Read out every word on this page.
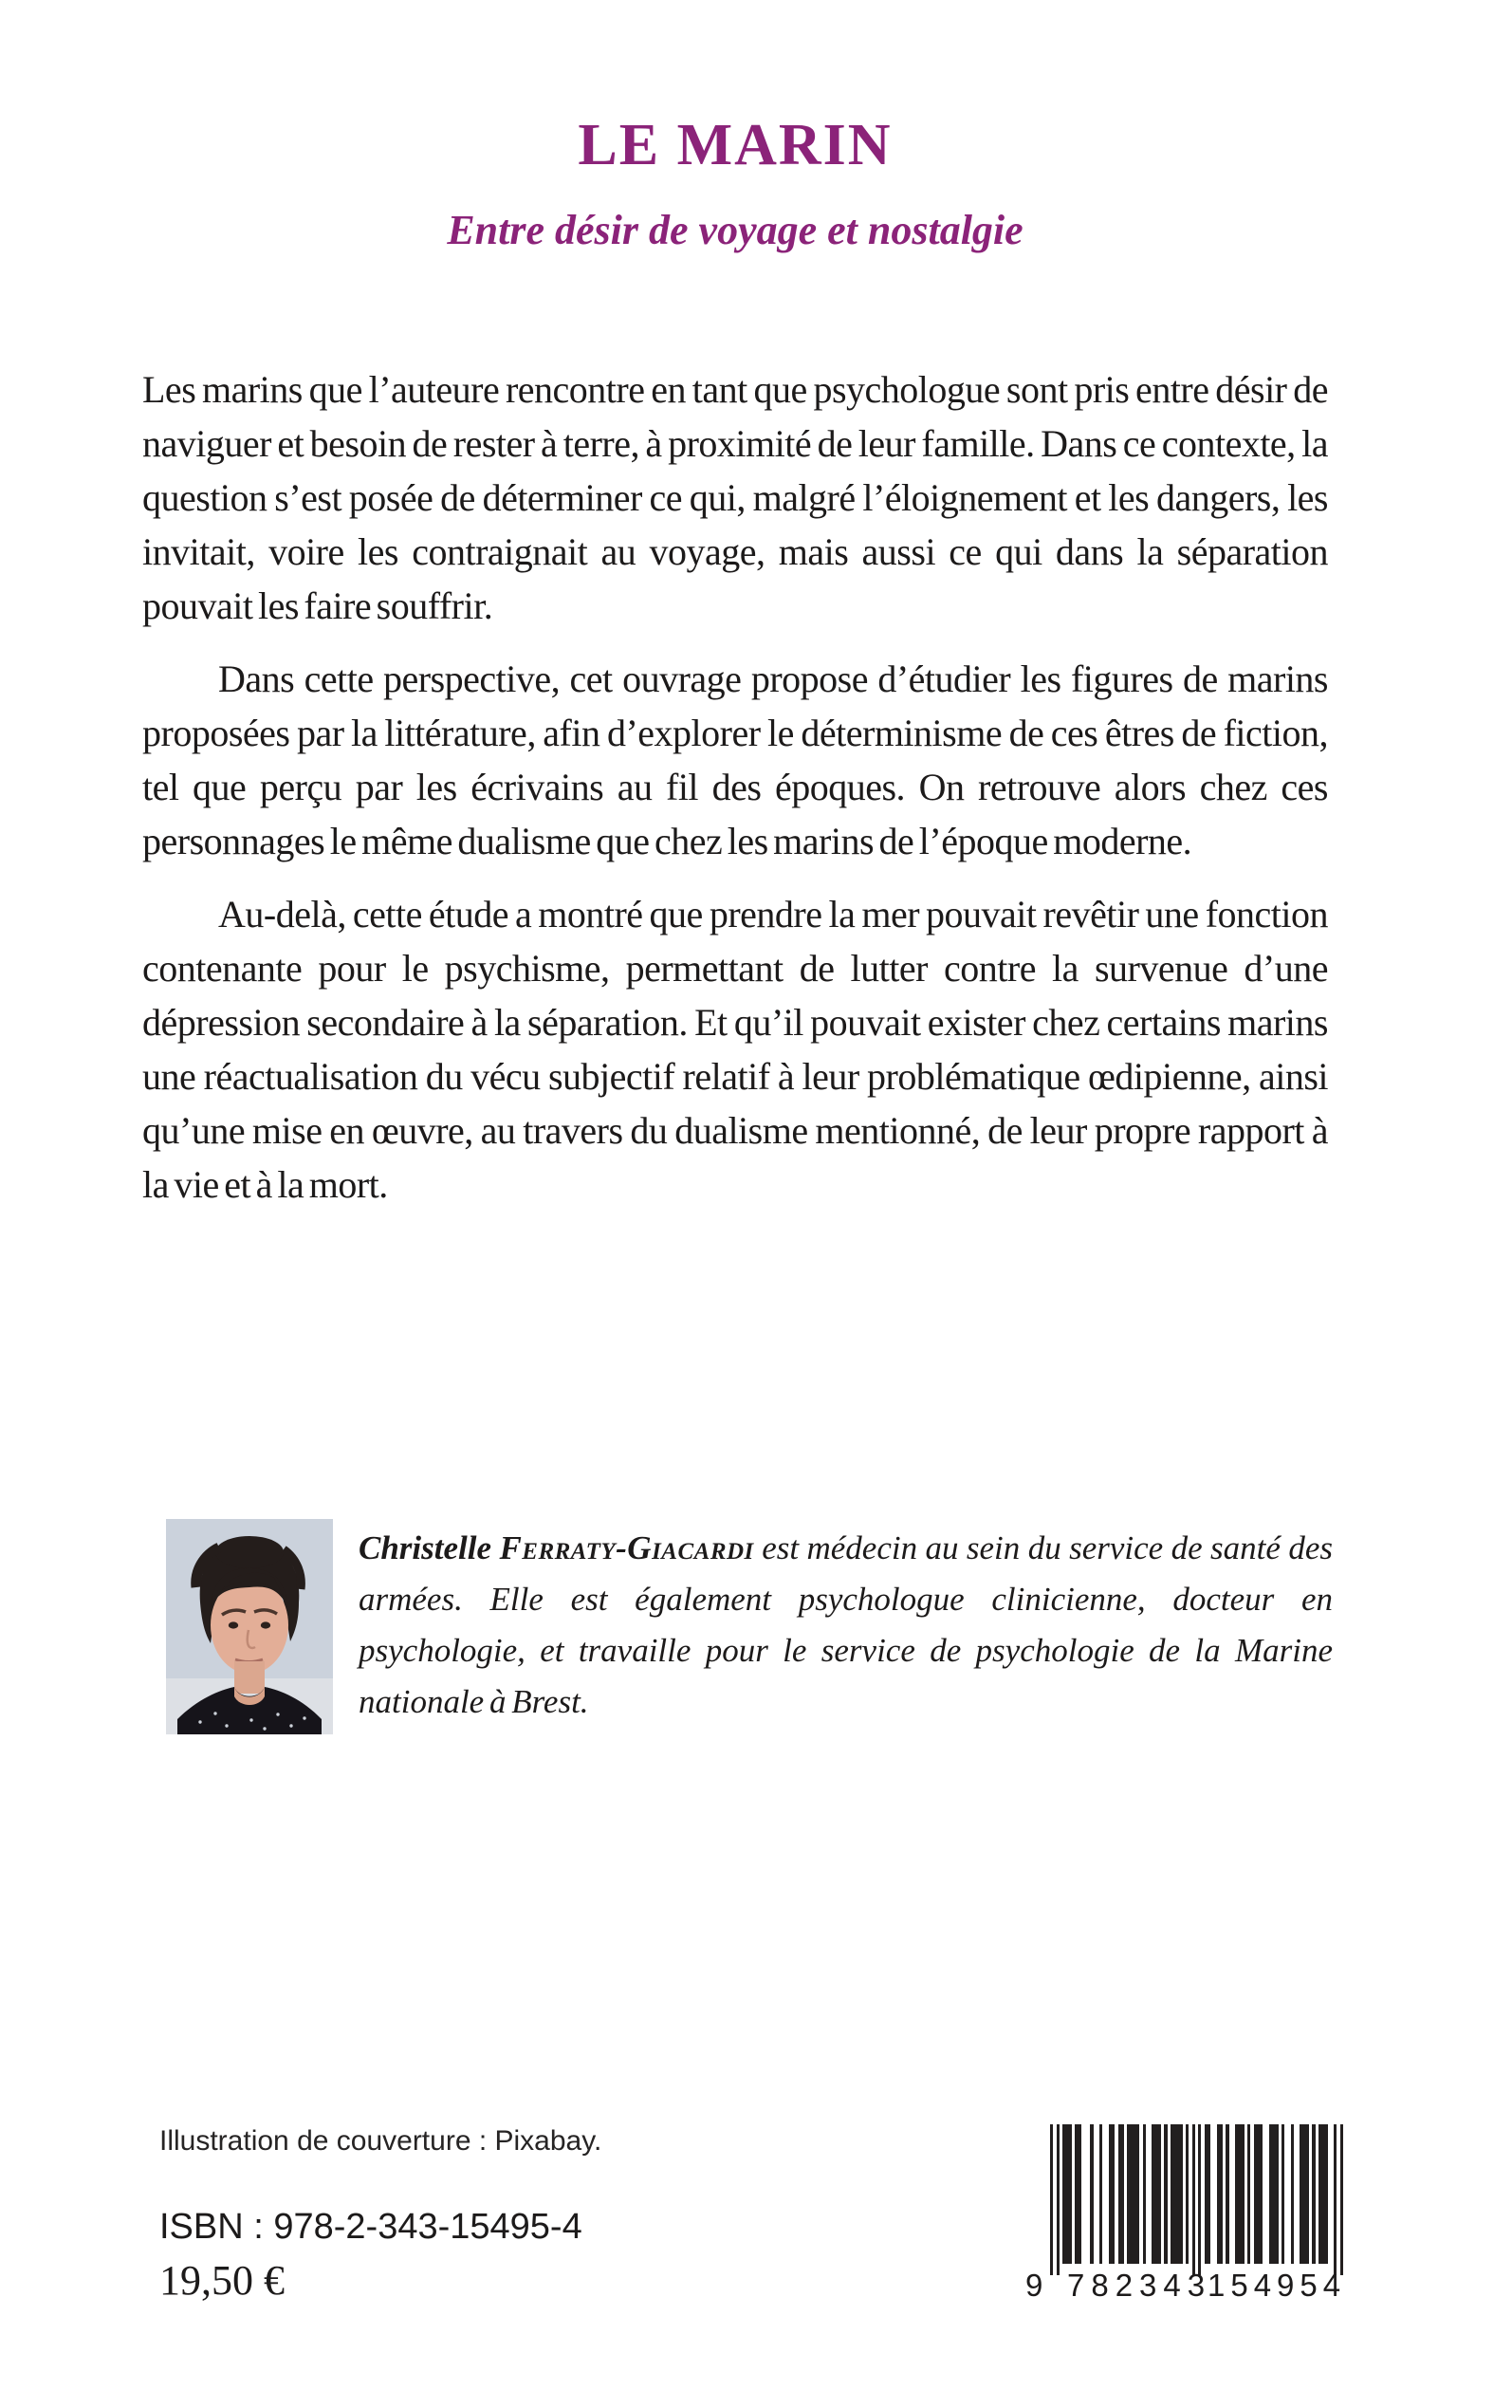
LE MARIN
Entre désir de voyage et nostalgie

Les marins que l’auteure rencontre en tant que psychologue sont pris entre désir de naviguer et besoin de rester à terre, à proximité de leur famille. Dans ce contexte, la question s’est posée de déterminer ce qui, malgré l’éloignement et les dangers, les invitait, voire les contraignait au voyage, mais aussi ce qui dans la séparation pouvait les faire souffrir.

Dans cette perspective, cet ouvrage propose d’étudier les figures de marins proposées par la littérature, afin d’explorer le déterminisme de ces êtres de fiction, tel que perçu par les écrivains au fil des époques. On retrouve alors chez ces personnages le même dualisme que chez les marins de l’époque moderne.

Au-delà, cette étude a montré que prendre la mer pouvait revêtir une fonction contenante pour le psychisme, permettant de lutter contre la survenue d’une dépression secondaire à la séparation. Et qu’il pouvait exister chez certains marins une réactualisation du vécu subjectif relatif à leur problématique œdipienne, ainsi qu’une mise en œuvre, au travers du dualisme mentionné, de leur propre rapport à la vie et à la mort.

Christelle Ferraty-Giacardi est médecin au sein du service de santé des armées. Elle est également psychologue clinicienne, docteur en psychologie, et travaille pour le service de psychologie de la Marine nationale à Brest.

Illustration de couverture : Pixabay.
ISBN : 978-2-343-15495-4
19,50 €	9 782343
154954
